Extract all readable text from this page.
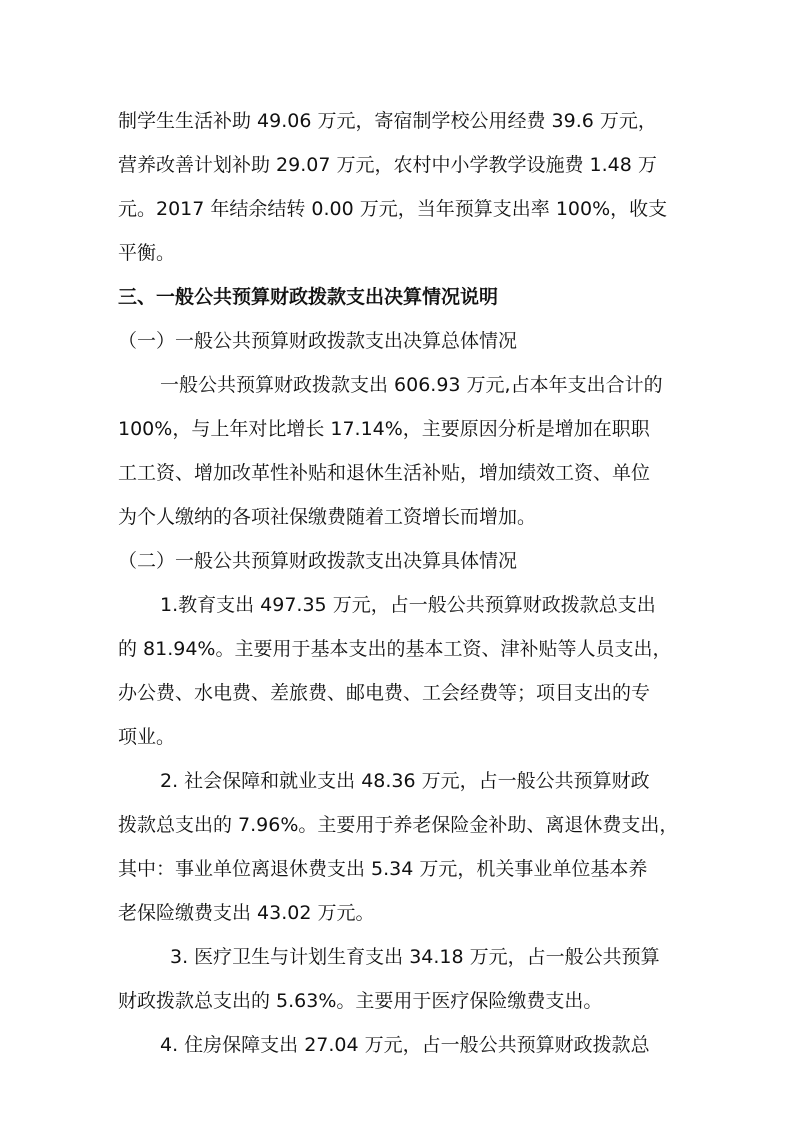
制学生生活补助 49.06 万元，寄宿制学校公用经费 39.6 万元，
营养改善计划补助 29.07 万元，农村中小学教学设施费 1.48 万
元。2017 年结余结转 0.00 万元，当年预算支出率 100%，收支
平衡。
三、一般公共预算财政拨款支出决算情况说明
（一）一般公共预算财政拨款支出决算总体情况
一般公共预算财政拨款支出 606.93 万元,占本年支出合计的
100%，与上年对比增长 17.14%，主要原因分析是增加在职职
工工资、增加改革性补贴和退休生活补贴，增加绩效工资、单位
为个人缴纳的各项社保缴费随着工资增长而增加。
（二）一般公共预算财政拨款支出决算具体情况
1.教育支出 497.35 万元，占一般公共预算财政拨款总支出
的 81.94%。主要用于基本支出的基本工资、津补贴等人员支出，
办公费、水电费、差旅费、邮电费、工会经费等；项目支出的专
项业。
2. 社会保障和就业支出 48.36 万元，占一般公共预算财政
拨款总支出的 7.96%。主要用于养老保险金补助、离退休费支出，
其中：事业单位离退休费支出 5.34 万元，机关事业单位基本养
老保险缴费支出 43.02 万元。
3. 医疗卫生与计划生育支出 34.18 万元，占一般公共预算
财政拨款总支出的 5.63%。主要用于医疗保险缴费支出。
4. 住房保障支出 27.04 万元，占一般公共预算财政拨款总
